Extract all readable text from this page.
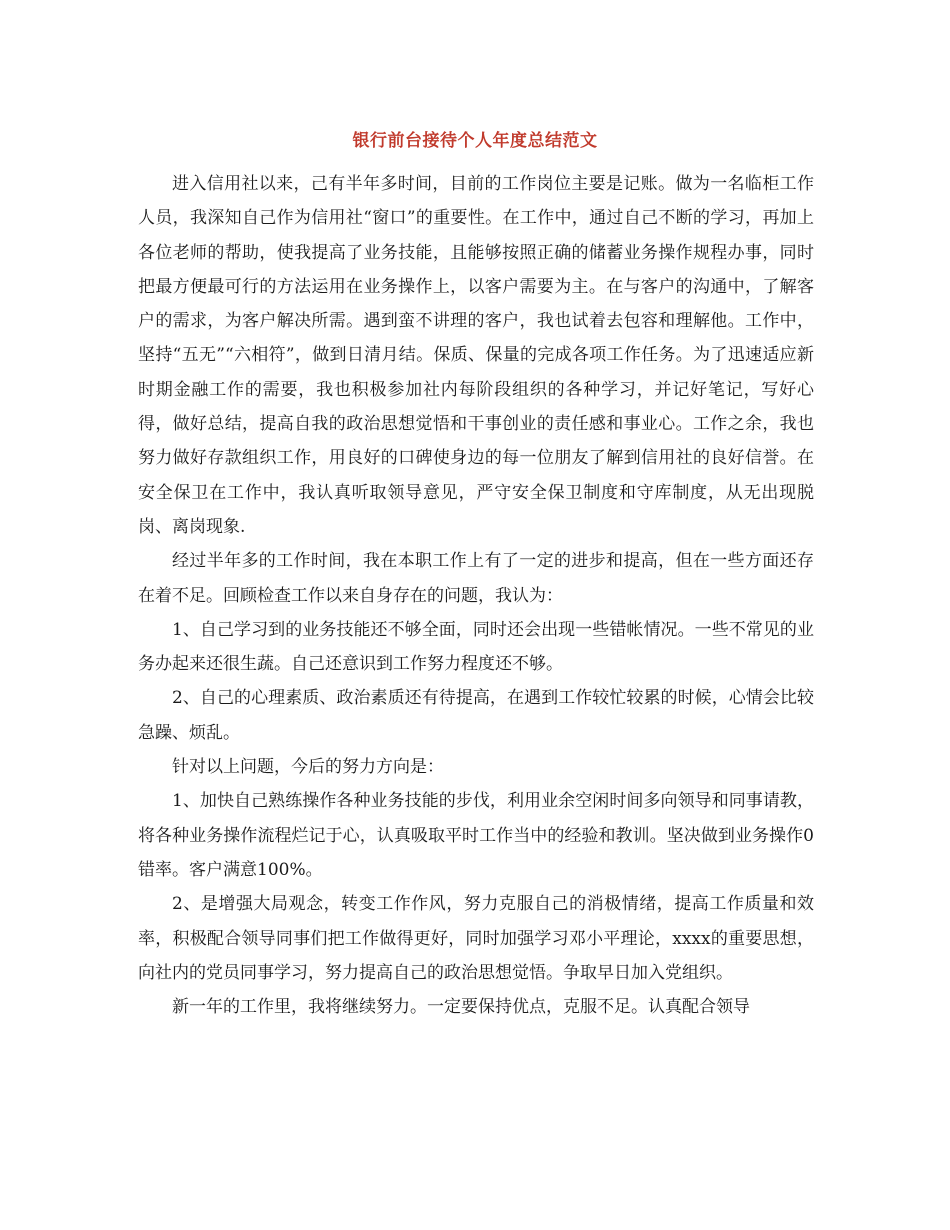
银行前台接待个人年度总结范文

进入信用社以来，己有半年多时间，目前的工作岗位主要是记账。做为一名临柜工作人员，我深知自己作为信用社“窗口”的重要性。在工作中，通过自己不断的学习，再加上各位老师的帮助，使我提高了业务技能，且能够按照正确的储蓄业务操作规程办事，同时把最方便最可行的方法运用在业务操作上，以客户需要为主。在与客户的沟通中，了解客户的需求，为客户解决所需。遇到蛮不讲理的客户，我也试着去包容和理解他。工作中，坚持“五无”“六相符”，做到日清月结。保质、保量的完成各项工作任务。为了迅速适应新时期金融工作的需要，我也积极参加社内每阶段组织的各种学习，并记好笔记，写好心得，做好总结，提高自我的政治思想觉悟和干事创业的责任感和事业心。工作之余，我也努力做好存款组织工作，用良好的口碑使身边的每一位朋友了解到信用社的良好信誉。在安全保卫在工作中，我认真听取领导意见，严守安全保卫制度和守库制度，从无出现脱岗、离岗现象.

经过半年多的工作时间，我在本职工作上有了一定的进步和提高，但在一些方面还存在着不足。回顾检查工作以来自身存在的问题，我认为：

1、自己学习到的业务技能还不够全面，同时还会出现一些错帐情况。一些不常见的业务办起来还很生蔬。自己还意识到工作努力程度还不够。

2、自己的心理素质、政治素质还有待提高，在遇到工作较忙较累的时候，心情会比较急躁、烦乱。

针对以上问题，今后的努力方向是：

1、加快自己熟练操作各种业务技能的步伐，利用业余空闲时间多向领导和同事请教，将各种业务操作流程烂记于心，认真吸取平时工作当中的经验和教训。坚决做到业务操作0错率。客户满意100%。

2、是增强大局观念，转变工作作风，努力克服自己的消极情绪，提高工作质量和效率，积极配合领导同事们把工作做得更好，同时加强学习邓小平理论，xxxx的重要思想，向社内的党员同事学习，努力提高自己的政治思想觉悟。争取早日加入党组织。

新一年的工作里，我将继续努力。一定要保持优点，克服不足。认真配合领导
